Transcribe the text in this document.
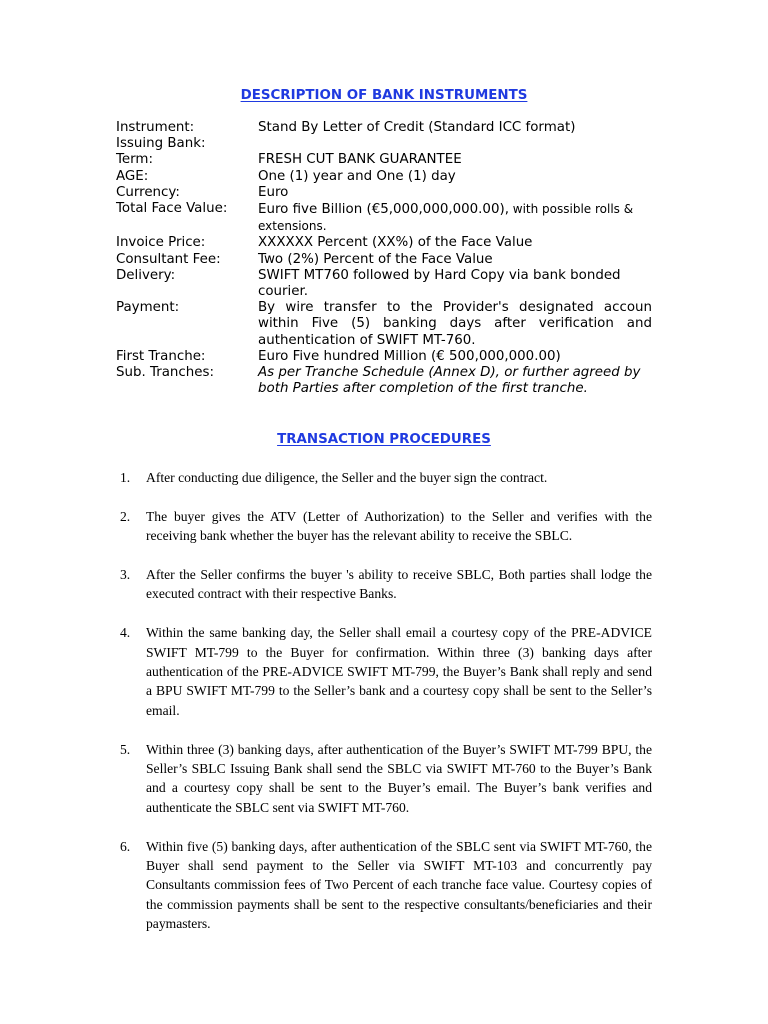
DESCRIPTION OF BANK INSTRUMENTS
Instrument:	Stand By Letter of Credit (Standard ICC format)
Issuing Bank:
Term:	FRESH CUT BANK GUARANTEE
AGE:	One (1) year and One (1) day
Currency:	Euro
Total Face Value:	Euro five Billion (€5,000,000,000.00), with possible rolls & extensions.
Invoice Price:	XXXXXX Percent (XX%) of the Face Value
Consultant Fee:	Two (2%) Percent of the Face Value
Delivery:	SWIFT MT760 followed by Hard Copy via bank bonded courier.
Payment:	By wire transfer to the Provider's designated accoun within Five (5) banking days after verification and authentication of SWIFT MT-760.
First Tranche:	Euro Five hundred Million (€ 500,000,000.00)
Sub. Tranches:	As per Tranche Schedule (Annex D), or further agreed by both Parties after completion of the first tranche.
TRANSACTION PROCEDURES
1.	After conducting due diligence, the Seller and the buyer sign the contract.
2.	The buyer gives the ATV (Letter of Authorization) to the Seller and verifies with the receiving bank whether the buyer has the relevant ability to receive the SBLC.
3.	After the Seller confirms the buyer 's ability to receive SBLC, Both parties shall lodge the executed contract with their respective Banks.
4.	Within the same banking day, the Seller shall email a courtesy copy of the PRE-ADVICE SWIFT MT-799 to the Buyer for confirmation. Within three (3) banking days after authentication of the PRE-ADVICE SWIFT MT-799, the Buyer’s Bank shall reply and send a BPU SWIFT MT-799 to the Seller’s bank and a courtesy copy shall be sent to the Seller’s email.
5.	Within three (3) banking days, after authentication of the Buyer’s SWIFT MT-799 BPU, the Seller’s SBLC Issuing Bank shall send the SBLC via SWIFT MT-760 to the Buyer’s Bank and a courtesy copy shall be sent to the Buyer’s email. The Buyer’s bank verifies and authenticate the SBLC sent via SWIFT MT-760.
6.	Within five (5) banking days, after authentication of the SBLC sent via SWIFT MT-760, the Buyer shall send payment to the Seller via SWIFT MT-103 and concurrently pay Consultants commission fees of Two Percent of each tranche face value. Courtesy copies of the commission payments shall be sent to the respective consultants/beneficiaries and their paymasters.
